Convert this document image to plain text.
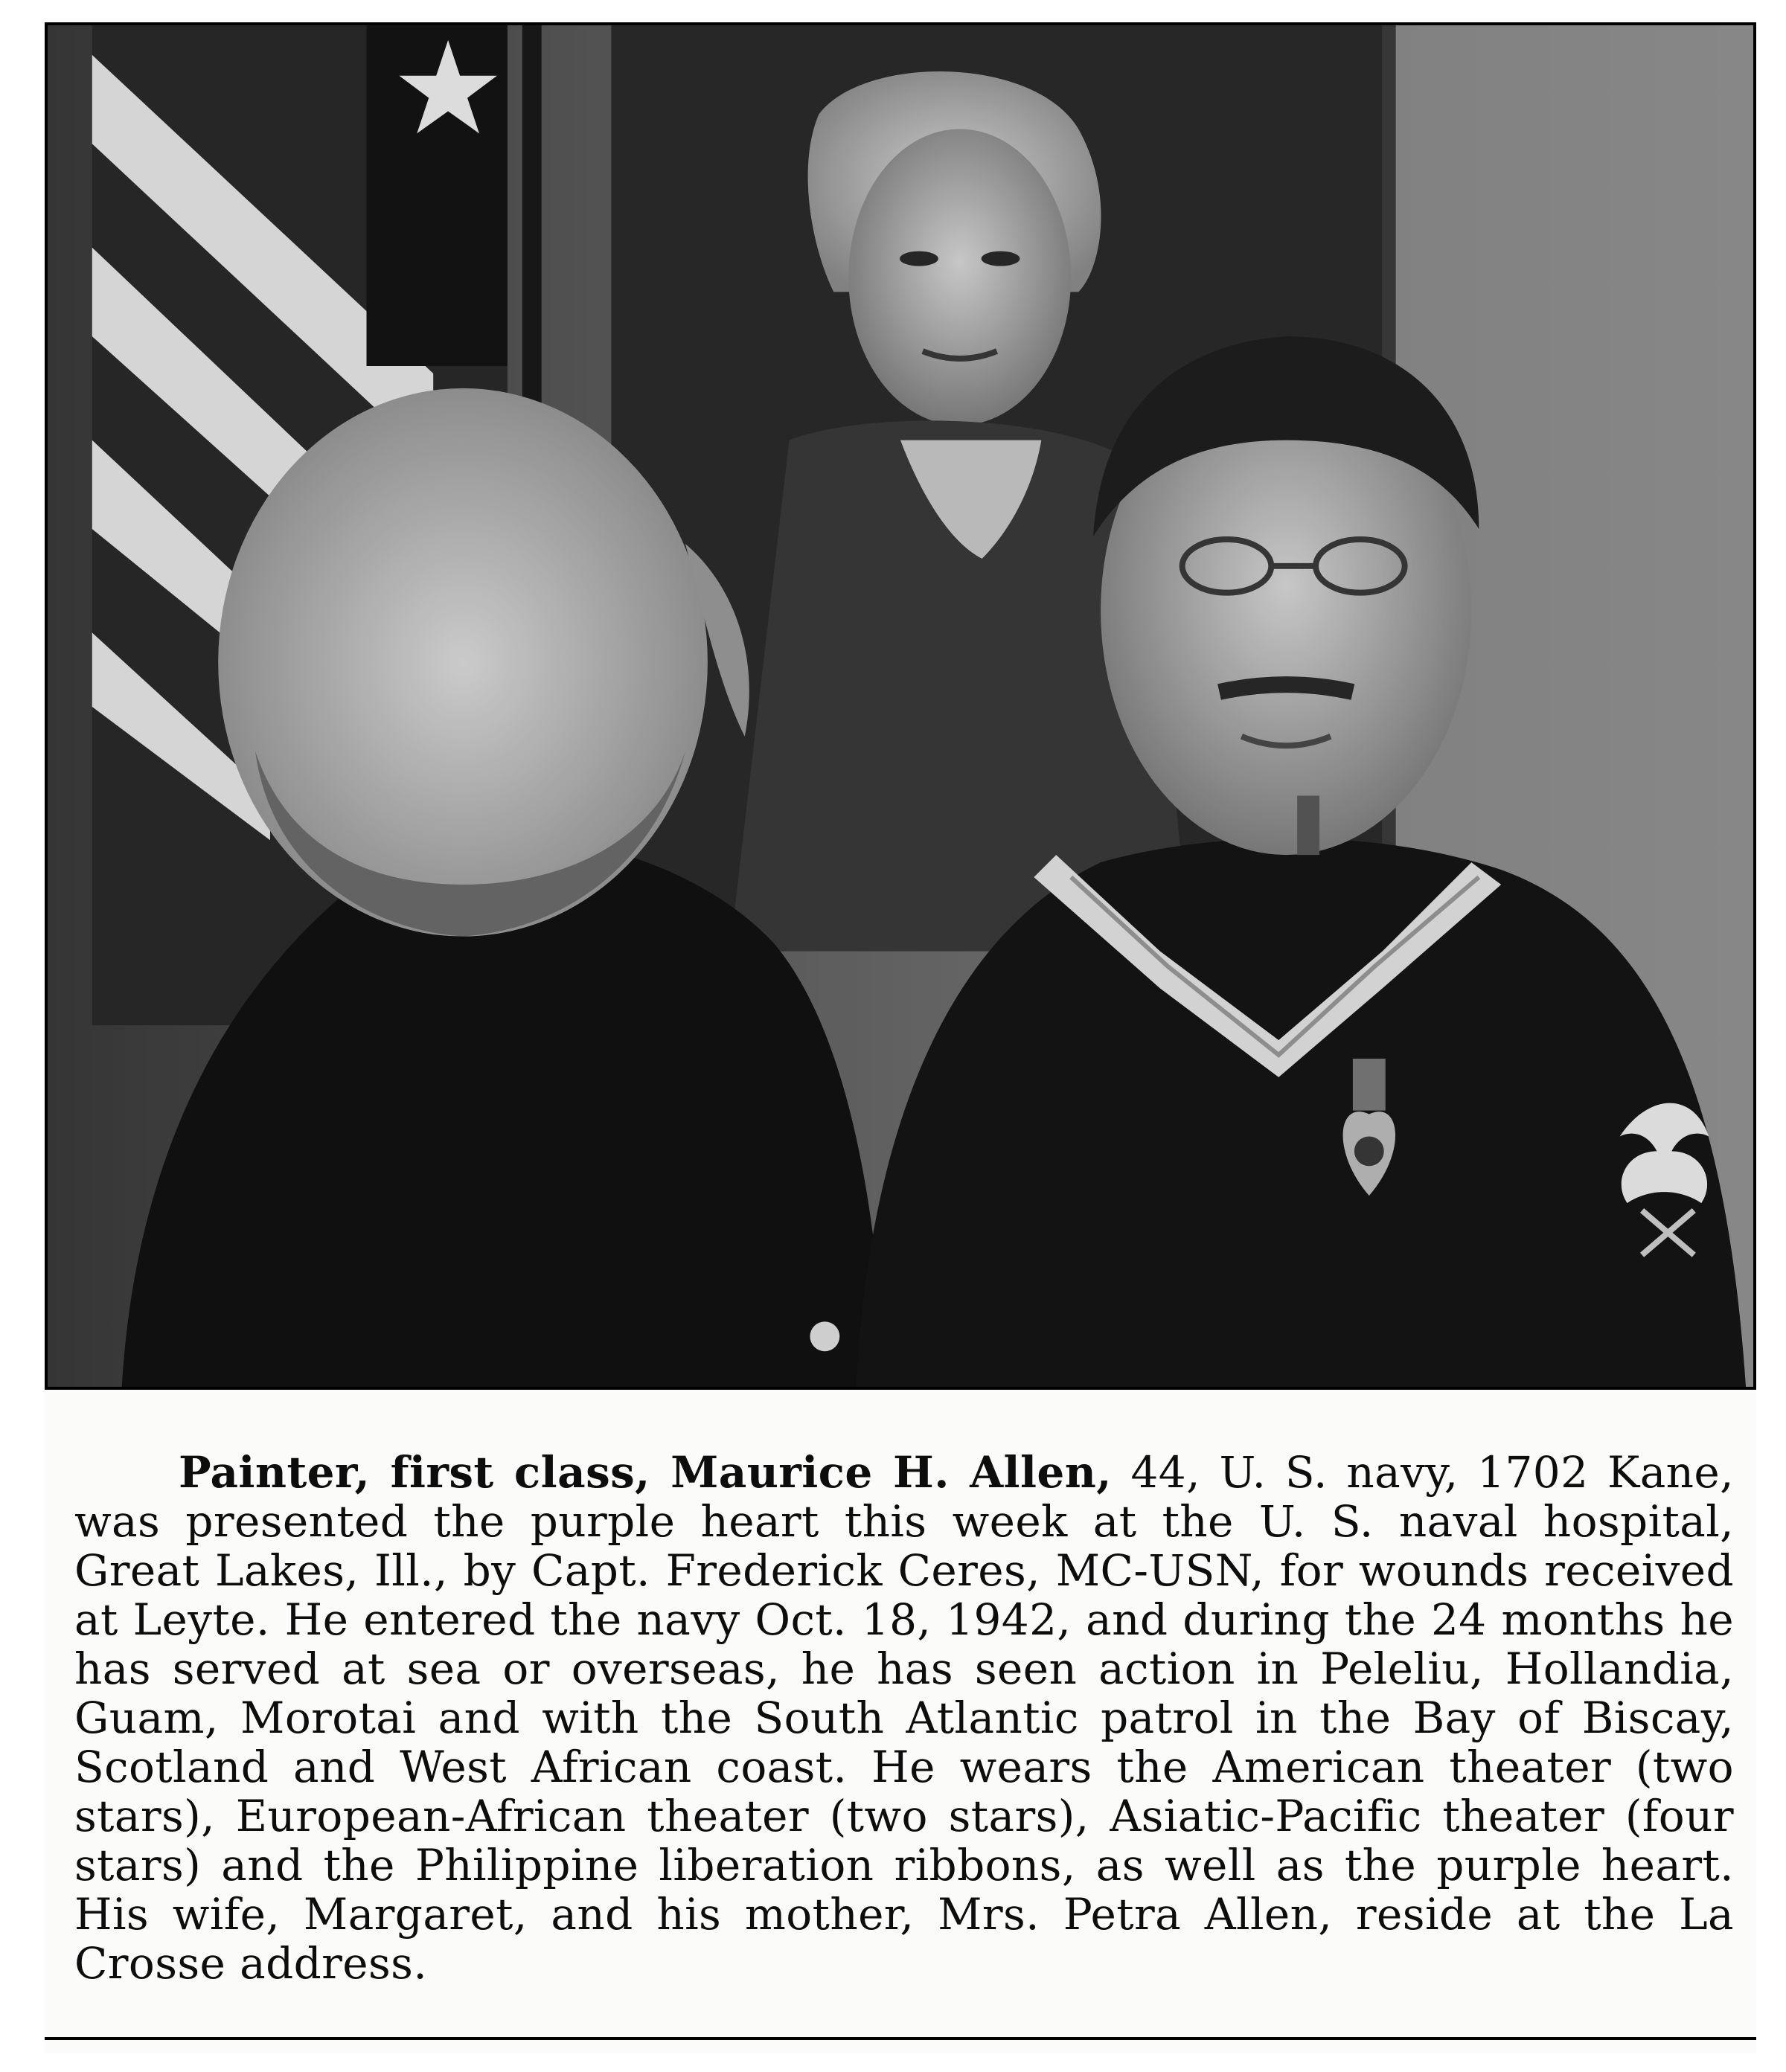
Painter, first class, Maurice H. Allen, 44, U. S. navy, 1702 Kane, was presented the purple heart this week at the U. S. naval hospital, Great Lakes, Ill., by Capt. Frederick Ceres, MC-USN, for wounds received at Leyte. He entered the navy Oct. 18, 1942, and during the 24 months he has served at sea or overseas, he has seen action in Peleliu, Hollandia, Guam, Morotai and with the South Atlantic patrol in the Bay of Biscay, Scotland and West African coast. He wears the American theater (two stars), European-African theater (two stars), Asiatic-Pacific theater (four stars) and the Philippine liberation ribbons, as well as the purple heart. His wife, Margaret, and his mother, Mrs. Petra Allen, reside at the La Crosse address.
